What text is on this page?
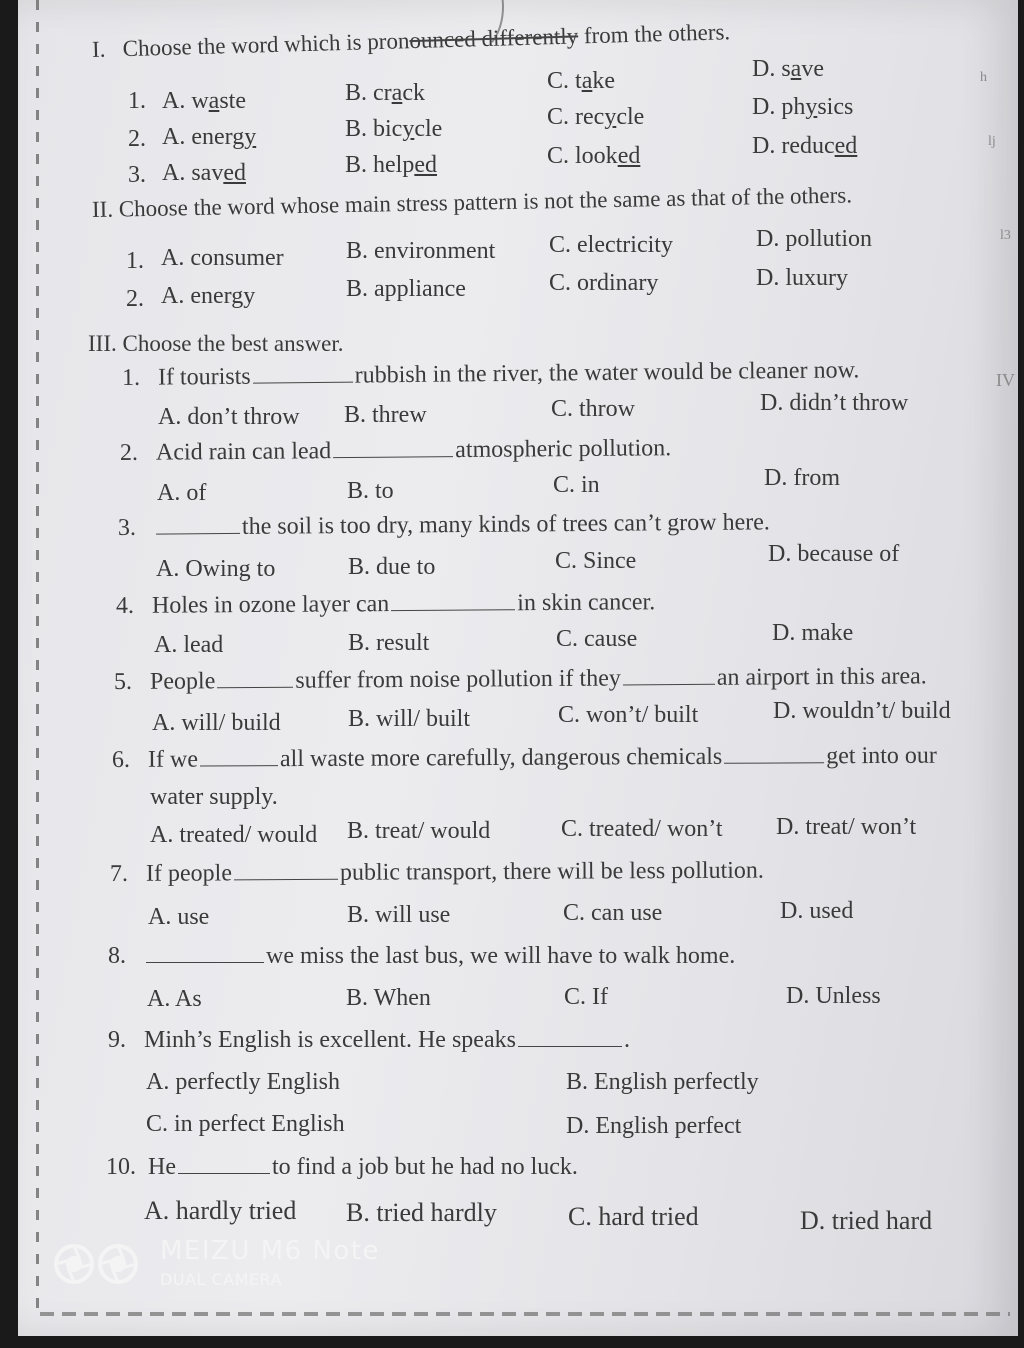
h
lj
l3
IV
I. Choose the word which is pronounced differently from the others.
1. A. waste	B. crack	C. take	D. save
2. A. energy	B. bicycle	C. recycle	D. physics
3. A. saved	B. helped	C. looked	D. reduced
II. Choose the word whose main stress pattern is not the same as that of the others.
1. A. consumer	B. environment C. electricity	D. pollution
2. A. energy	B. appliance	C. ordinary	D. luxury
III. Choose the best answer.
1. If tourists	rubbish in the river, the water would be cleaner now.
A. don’t throw B. threw	C. throw	D. didn’t throw
2. Acid rain can lead	atmospheric pollution.
A. of	B. to	C. in	D. from
3.	the soil is too dry, many kinds of trees can’t grow here.
A. Owing to	B. due to	C. Since	D. because of
4. Holes in ozone layer can	in skin cancer.
A. lead	B. result	C. cause	D. make
5. People	suffer from noise pollution if they	an airport in this area.
A. will/ build	B. will/ built	C. won’t/ built	D. wouldn’t/ build
6. If we	all waste more carefully, dangerous chemicals	get into our
water supply.
A. treated/ would B. treat/ would	C. treated/ won’t D. treat/ won’t
7. If people	public transport, there will be less pollution.
A. use	B. will use	C. can use	D. used
8.	we miss the last bus, we will have to walk home.
A. As	B. When	C. If	D. Unless
9. Minh’s English is excellent. He speaks	.
A. perfectly English	B. English perfectly
C. in perfect English	D. English perfect
10. He	to find a job but he had no luck.
A. hardly tried B. tried hardly	C. hard tried	D. tried hard
MEIZU M6 Note
DUAL CAMERA
